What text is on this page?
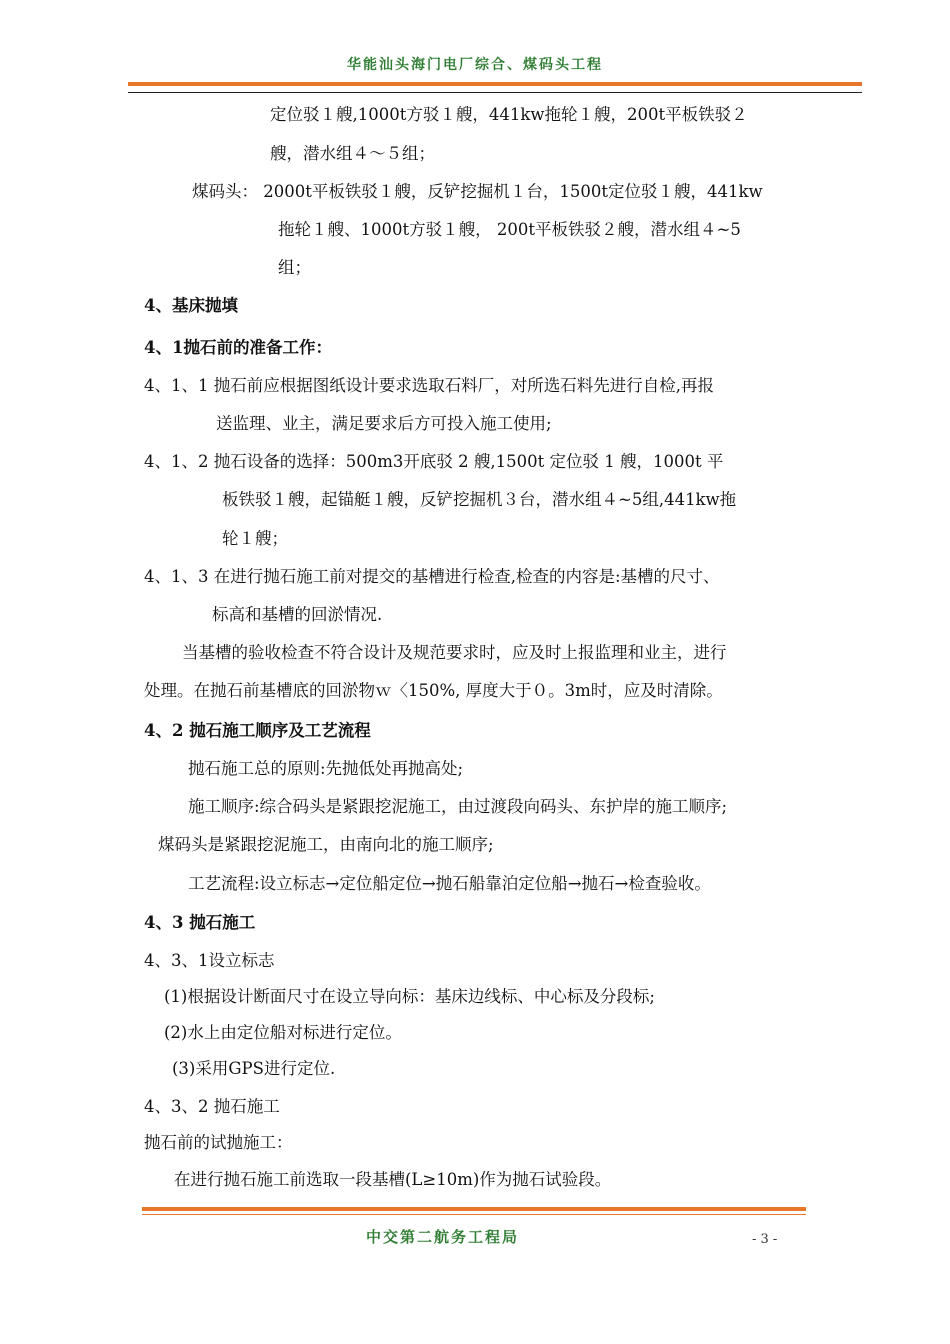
华能汕头海门电厂综合、煤码头工程
定位驳１艘,1000t方驳１艘，441kw拖轮１艘，200t平板铁驳２
艘，潜水组４～５组；
煤码头： 2000t平板铁驳１艘，反铲挖掘机１台，1500t定位驳１艘，441kw
拖轮１艘、1000t方驳１艘， 200t平板铁驳２艘，潜水组４~5
组；
4、基床抛填
4、1抛石前的准备工作：
4、1、1 抛石前应根据图纸设计要求选取石料厂，对所选石料先进行自检,再报
送监理、业主，满足要求后方可投入施工使用;
4、1、2 抛石设备的选择：500m3开底驳 2 艘,1500t 定位驳 1 艘，1000t 平
板铁驳１艘，起锚艇１艘，反铲挖掘机３台，潜水组４~5组,441kw拖
轮１艘；
4、1、3 在进行抛石施工前对提交的基槽进行检查,检查的内容是:基槽的尺寸、
标高和基槽的回淤情况.
当基槽的验收检查不符合设计及规范要求时，应及时上报监理和业主，进行
处理。在抛石前基槽底的回淤物ｗ〈150%, 厚度大于０。3m时，应及时清除。
4、2 抛石施工顺序及工艺流程
抛石施工总的原则:先抛低处再抛高处;
施工顺序:综合码头是紧跟挖泥施工，由过渡段向码头、东护岸的施工顺序;
煤码头是紧跟挖泥施工，由南向北的施工顺序;
工艺流程:设立标志→定位船定位→抛石船靠泊定位船→抛石→检查验收。
4、3 抛石施工
4、3、1设立标志
(1)根据设计断面尺寸在设立导向标：基床边线标、中心标及分段标;
(2)水上由定位船对标进行定位。
(3)采用GPS进行定位.
4、3、2 抛石施工
抛石前的试抛施工：
在进行抛石施工前选取一段基槽(L≥10m)作为抛石试验段。
中交第二航务工程局	- 3 -
